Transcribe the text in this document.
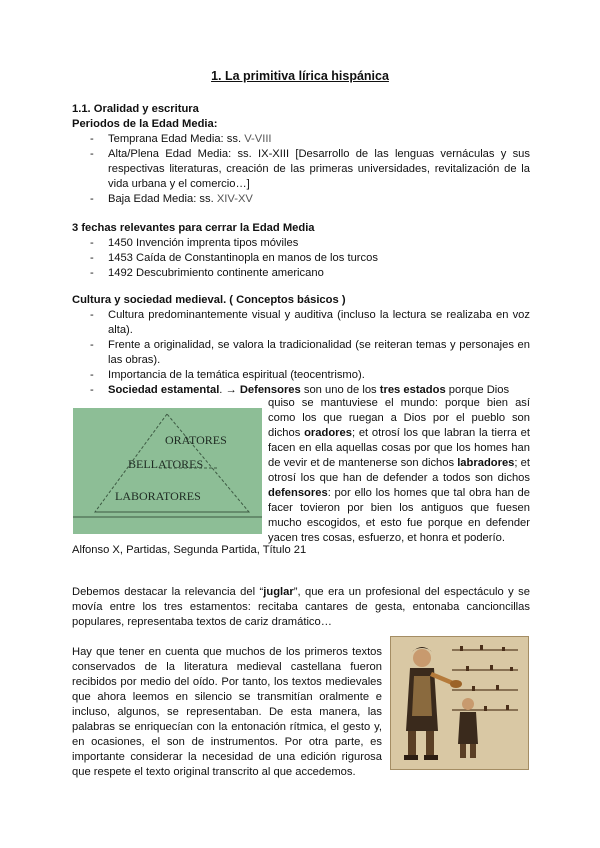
1. La primitiva lírica hispánica
1.1. Oralidad y escritura
Periodos de la Edad Media:
- Temprana Edad Media: ss. V-VIII
- Alta/Plena Edad Media: ss. IX-XIII [Desarrollo de las lenguas vernáculas y sus respectivas literaturas, creación de las primeras universidades, revitalización de la vida urbana y el comercio…]
- Baja Edad Media: ss. XIV-XV
3 fechas relevantes para cerrar la Edad Media
- 1450 Invención imprenta tipos móviles
- 1453 Caída de Constantinopla en manos de los turcos
- 1492 Descubrimiento continente americano
Cultura y sociedad medieval. ( Conceptos básicos )
- Cultura predominantemente visual y auditiva (incluso la lectura se realizaba en voz alta).
- Frente a originalidad, se valora la tradicionalidad (se reiteran temas y personajes en las obras).
- Importancia de la temática espiritual (teocentrismo).
- Sociedad estamental. → Defensores son uno de los tres estados porque Dios
quiso se mantuviese el mundo: porque bien así como los que ruegan a Dios por el pueblo son dichos oradores; et otrosí los que labran la tierra et facen en ella aquellas cosas por que los homes han de vevir et de mantenerse son dichos labradores; et otrosí los que han de defender a todos son dichos defensores: por ello los homes que tal obra han de facer tovieron por bien los antiguos que fuesen mucho escogidos, et esto fue porque en defender yacen tres cosas, esfuerzo, et honra et poderío.
ORATORES
BELLATORES
LABORATORES
Alfonso X, Partidas, Segunda Partida, Título 21
Debemos destacar la relevancia del “juglar”, que era un profesional del espectáculo y se movía entre los tres estamentos: recitaba cantares de gesta, entonaba cancioncillas populares, representaba textos de cariz dramático…
Hay que tener en cuenta que muchos de los primeros textos conservados de la literatura medieval castellana fueron recibidos por medio del oído. Por tanto, los textos medievales que ahora leemos en silencio se transmitían oralmente e incluso, algunos, se representaban. De esta manera, las palabras se enriquecían con la entonación rítmica, el gesto y, en ocasiones, el son de instrumentos. Por otra parte, es importante considerar la necesidad de una edición rigurosa que respete el texto original transcrito al que accedemos.
